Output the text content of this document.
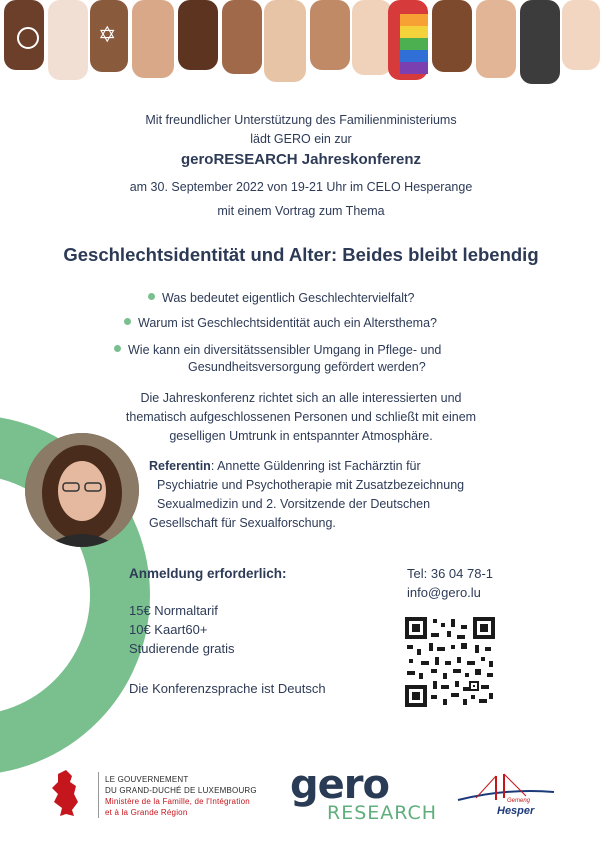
✡
Mit freundlicher Unterstützung des Familienministeriums
lädt GERO ein zur
geroRESEARCH Jahreskonferenz
am 30. September 2022 von 19-21 Uhr im CELO Hesperange
mit einem Vortrag zum Thema
Geschlechtsidentität und Alter: Beides bleibt lebendig
Was bedeutet eigentlich Geschlechtervielfalt?
Warum ist Geschlechtsidentität auch ein Altersthema?
Wie kann ein diversitätssensibler Umgang in Pflege- und
Gesundheitsversorgung gefördert werden?
Die Jahreskonferenz richtet sich an alle interessierten und
thematisch aufgeschlossenen Personen und schließt mit einem
geselligen Umtrunk in entspannter Atmosphäre.
Referentin: Annette Güldenring ist Fachärztin für
Psychiatrie und Psychotherapie mit Zusatzbezeichnung
Sexualmedizin und 2. Vorsitzende der Deutschen
Gesellschaft für Sexualforschung.
Anmeldung erforderlich:
15€ Normaltarif
10€ Kaart60+
Studierende gratis
Die Konferenzsprache ist Deutsch
Tel: 36 04 78-1
info@gero.lu
LE GOUVERNEMENT
DU GRAND-DUCHÉ DE LUXEMBOURG
Ministère de la Famille, de l'Intégration
et à la Grande Région
gero
RESEARCH
Gemeng
Hesper
